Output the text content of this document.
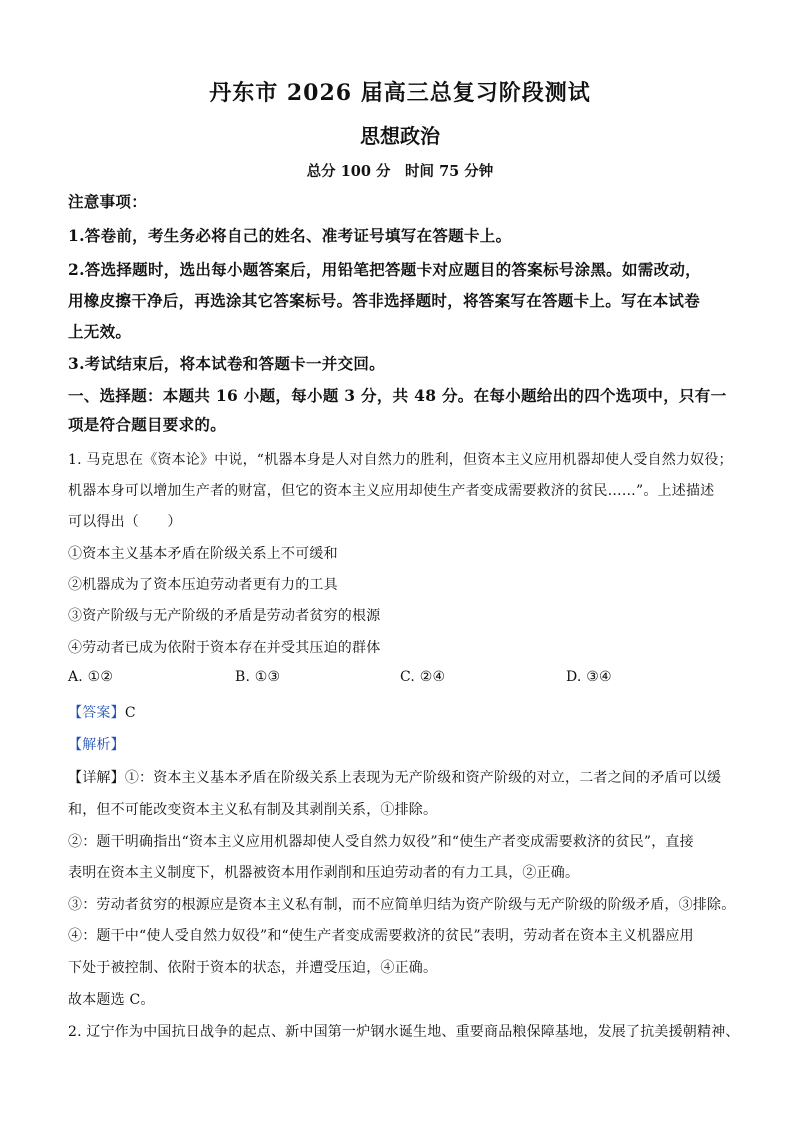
丹东市 2026 届高三总复习阶段测试
思想政治
总分 100 分　时间 75 分钟
注意事项：
1.答卷前，考生务必将自己的姓名、准考证号填写在答题卡上。
2.答选择题时，选出每小题答案后，用铅笔把答题卡对应题目的答案标号涂黑。如需改动，
用橡皮擦干净后，再选涂其它答案标号。答非选择题时，将答案写在答题卡上。写在本试卷
上无效。
3.考试结束后，将本试卷和答题卡一并交回。
一、选择题：本题共 16 小题，每小题 3 分，共 48 分。在每小题给出的四个选项中，只有一
项是符合题目要求的。
1. 马克思在《资本论》中说，“机器本身是人对自然力的胜利，但资本主义应用机器却使人受自然力奴役；
机器本身可以增加生产者的财富，但它的资本主义应用却使生产者变成需要救济的贫民……”。上述描述
可以得出（　　）
①资本主义基本矛盾在阶级关系上不可缓和
②机器成为了资本压迫劳动者更有力的工具
③资产阶级与无产阶级的矛盾是劳动者贫穷的根源
④劳动者已成为依附于资本存在并受其压迫的群体
A. ①②	B. ①③	C. ②④	D. ③④
【答案】C
【解析】
【详解】①：资本主义基本矛盾在阶级关系上表现为无产阶级和资产阶级的对立，二者之间的矛盾可以缓
和，但不可能改变资本主义私有制及其剥削关系，①排除。
②：题干明确指出“资本主义应用机器却使人受自然力奴役”和“使生产者变成需要救济的贫民”，直接
表明在资本主义制度下，机器被资本用作剥削和压迫劳动者的有力工具，②正确。
③：劳动者贫穷的根源应是资本主义私有制，而不应简单归结为资产阶级与无产阶级的阶级矛盾，③排除。
④：题干中“使人受自然力奴役”和“使生产者变成需要救济的贫民”表明，劳动者在资本主义机器应用
下处于被控制、依附于资本的状态，并遭受压迫，④正确。
故本题选 C。
2. 辽宁作为中国抗日战争的起点、新中国第一炉钢水诞生地、重要商品粮保障基地，发展了抗美援朝精神、
